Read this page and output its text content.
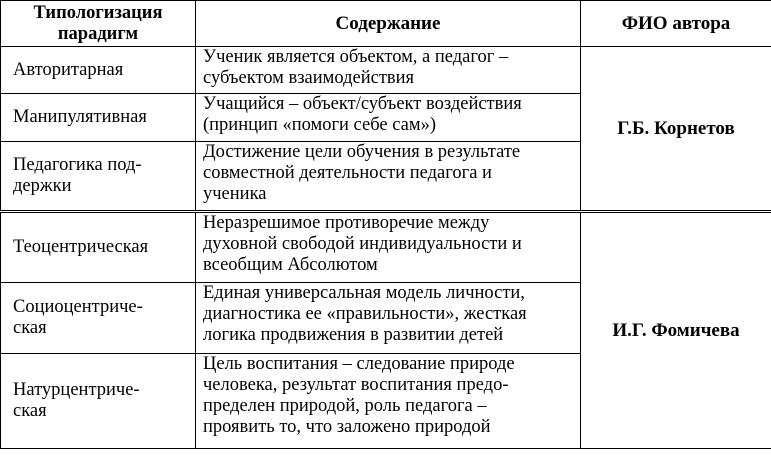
Типологизация
парадигм	Содержание	ФИО автора

Авторитарная	Ученик является объектом, а педагог –
субъектом взаимодействия	Г.Б. Корнетов

Манипулятивная	Учащийся – объект/субъект воздействия
(принцип «помоги себе сам»)	

Педагогика под-
держки	Достижение цели обучения в результате
совместной деятельности педагога и
ученика	

Теоцентрическая	Неразрешимое противоречие между
духовной свободой индивидуальности и
всеобщим Абсолютом	И.Г. Фомичева

Социоцентриче-
ская	Единая универсальная модель личности,
диагностика ее «правильности», жесткая
логика продвижения в развитии детей	

Натурцентриче-
ская	Цель воспитания – следование природе
человека, результат воспитания предо-
пределен природой, роль педагога –
проявить то, что заложено природой	
